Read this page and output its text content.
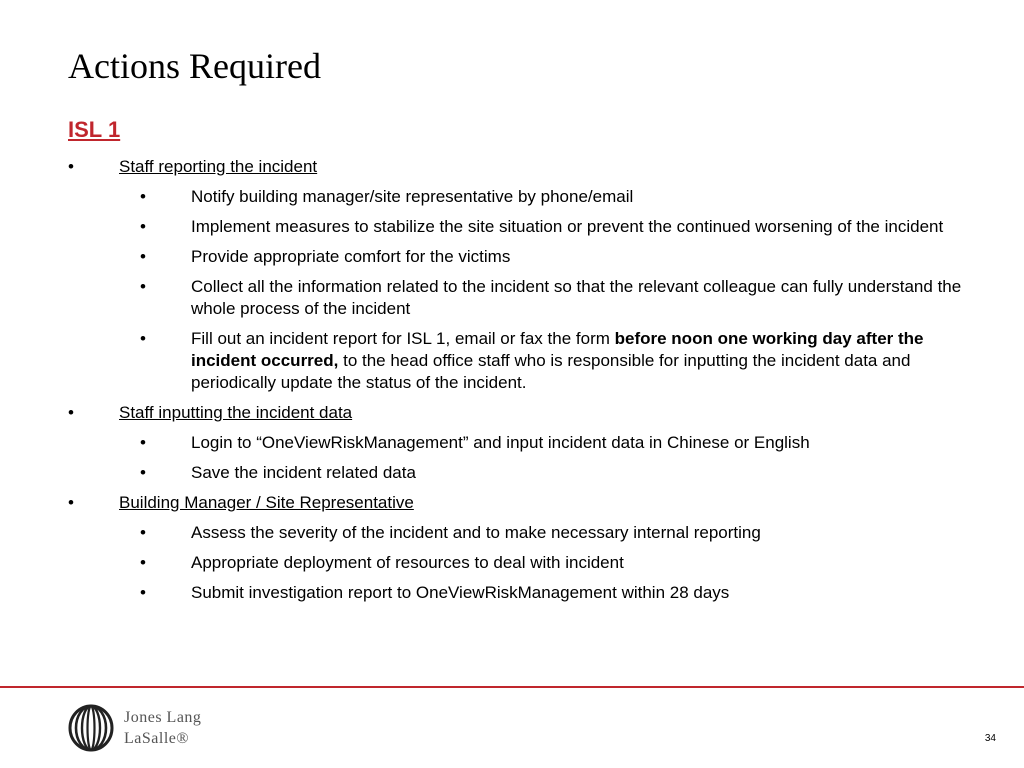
Actions Required
ISL 1
•	Staff reporting the incident
•	Notify building manager/site representative by phone/email
•	Implement measures to stabilize the site situation or prevent the continued worsening of the incident
•	Provide appropriate comfort for the victims
•	Collect all the information related to the incident so that the relevant colleague can fully understand the whole process of the incident
•	Fill out an incident report for ISL 1, email or fax the form before noon one working day after the incident occurred, to the head office staff who is responsible for inputting the incident data and periodically update the status of the incident.
•	Staff inputting the incident data
•	Login to “OneViewRiskManagement” and input incident data in Chinese or English
•	Save the incident related data
•	Building Manager / Site Representative
•	Assess the severity of the incident and to make necessary internal reporting
•	Appropriate deployment of resources to deal with incident
•	Submit investigation report to OneViewRiskManagement within 28 days
Jones Lang
LaSalle®	34
